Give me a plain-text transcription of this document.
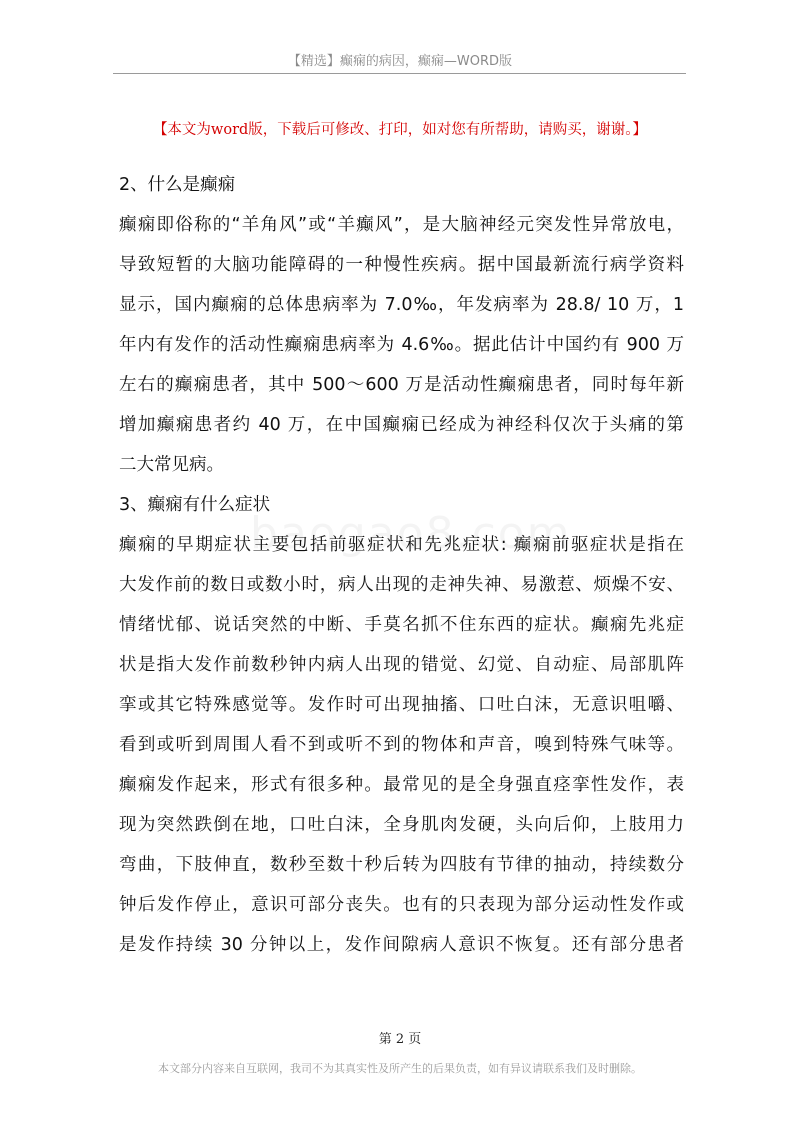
【精选】癫痫的病因，癫痫—WORD版
【本文为word版，下载后可修改、打印，如对您有所帮助，请购买，谢谢。】

2、什么是癫痫

癫痫即俗称的“羊角风”或“羊癫风”，是大脑神经元突发性异常放电，
导致短暂的大脑功能障碍的一种慢性疾病。据中国最新流行病学资料
显示，国内癫痫的总体患病率为 7.0‰，年发病率为 28.8/ 10 万，1
年内有发作的活动性癫痫患病率为 4.6‰。据此估计中国约有 900 万
左右的癫痫患者，其中 500～600 万是活动性癫痫患者，同时每年新
增加癫痫患者约 40 万，在中国癫痫已经成为神经科仅次于头痛的第
二大常见病。

3、癫痫有什么症状

癫痫的早期症状主要包括前驱症状和先兆症状: 癫痫前驱症状是指在
大发作前的数日或数小时，病人出现的走神失神、易激惹、烦燥不安、
情绪忧郁、说话突然的中断、手莫名抓不住东西的症状。癫痫先兆症
状是指大发作前数秒钟内病人出现的错觉、幻觉、自动症、局部肌阵
挛或其它特殊感觉等。发作时可出现抽搐、口吐白沫，无意识咀嚼、
看到或听到周围人看不到或听不到的物体和声音，嗅到特殊气味等。
癫痫发作起来，形式有很多种。最常见的是全身强直痉挛性发作，表
现为突然跌倒在地，口吐白沫，全身肌肉发硬，头向后仰，上肢用力
弯曲，下肢伸直，数秒至数十秒后转为四肢有节律的抽动，持续数分
钟后发作停止，意识可部分丧失。也有的只表现为部分运动性发作或
是发作持续 30 分钟以上，发作间隙病人意识不恢复。还有部分患者

第 2 页
本文部分内容来自互联网，我司不为其真实性及所产生的后果负责，如有异议请联系我们及时删除。
